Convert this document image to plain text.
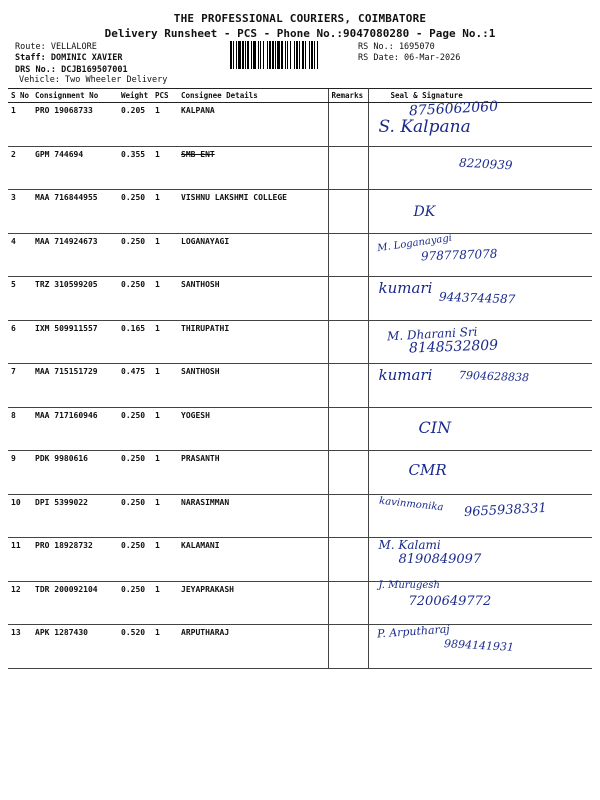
THE PROFESSIONAL COURIERS, COIMBATORE
Delivery Runsheet - PCS - Phone No.:9047080280 - Page No.:1
Route: VELLALORE
Staff: DOMINIC XAVIER
DRS No.: DCJB169507001
Vehicle: Two Wheeler Delivery
RS No.: 1695070
RS Date: 06-Mar-2026
S No	Consignment No	Weight	PCS	Consignee Details	Remarks	Seal & Signature
1	PRO 19068733	0.205	1	KALPANA		8756062060
S. Kalpana

2	GPM 744694	0.355	1	SMB ENT		8220939

3	MAA 716844955	0.250	1	VISHNU LAKSHMI COLLEGE		DK

4	MAA 714924673	0.250	1	LOGANAYAGI		M. Loganayagi
9787787078

5	TRZ 310599205	0.250	1	SANTHOSH		kumari
9443744587

6	IXM 509911557	0.165	1	THIRUPATHI		M. Dharani Sri
8148532809

7	MAA 715151729	0.475	1	SANTHOSH		kumari 7904628838

8	MAA 717160946	0.250	1	YOGESH		CIN

9	PDK 9980616	0.250	1	PRASANTH		CMR

10	DPI 5399022	0.250	1	NARASIMMAN		kavinmonika 9655938331

11	PRO 18928732	0.250	1	KALAMANI		M. Kalami
8190849097

12	TDR 200092104	0.250	1	JEYAPRAKASH		J. Murugesh
7200649772

13	APK 1287430	0.520	1	ARPUTHARAJ		P. Arputharaj
9894141931
